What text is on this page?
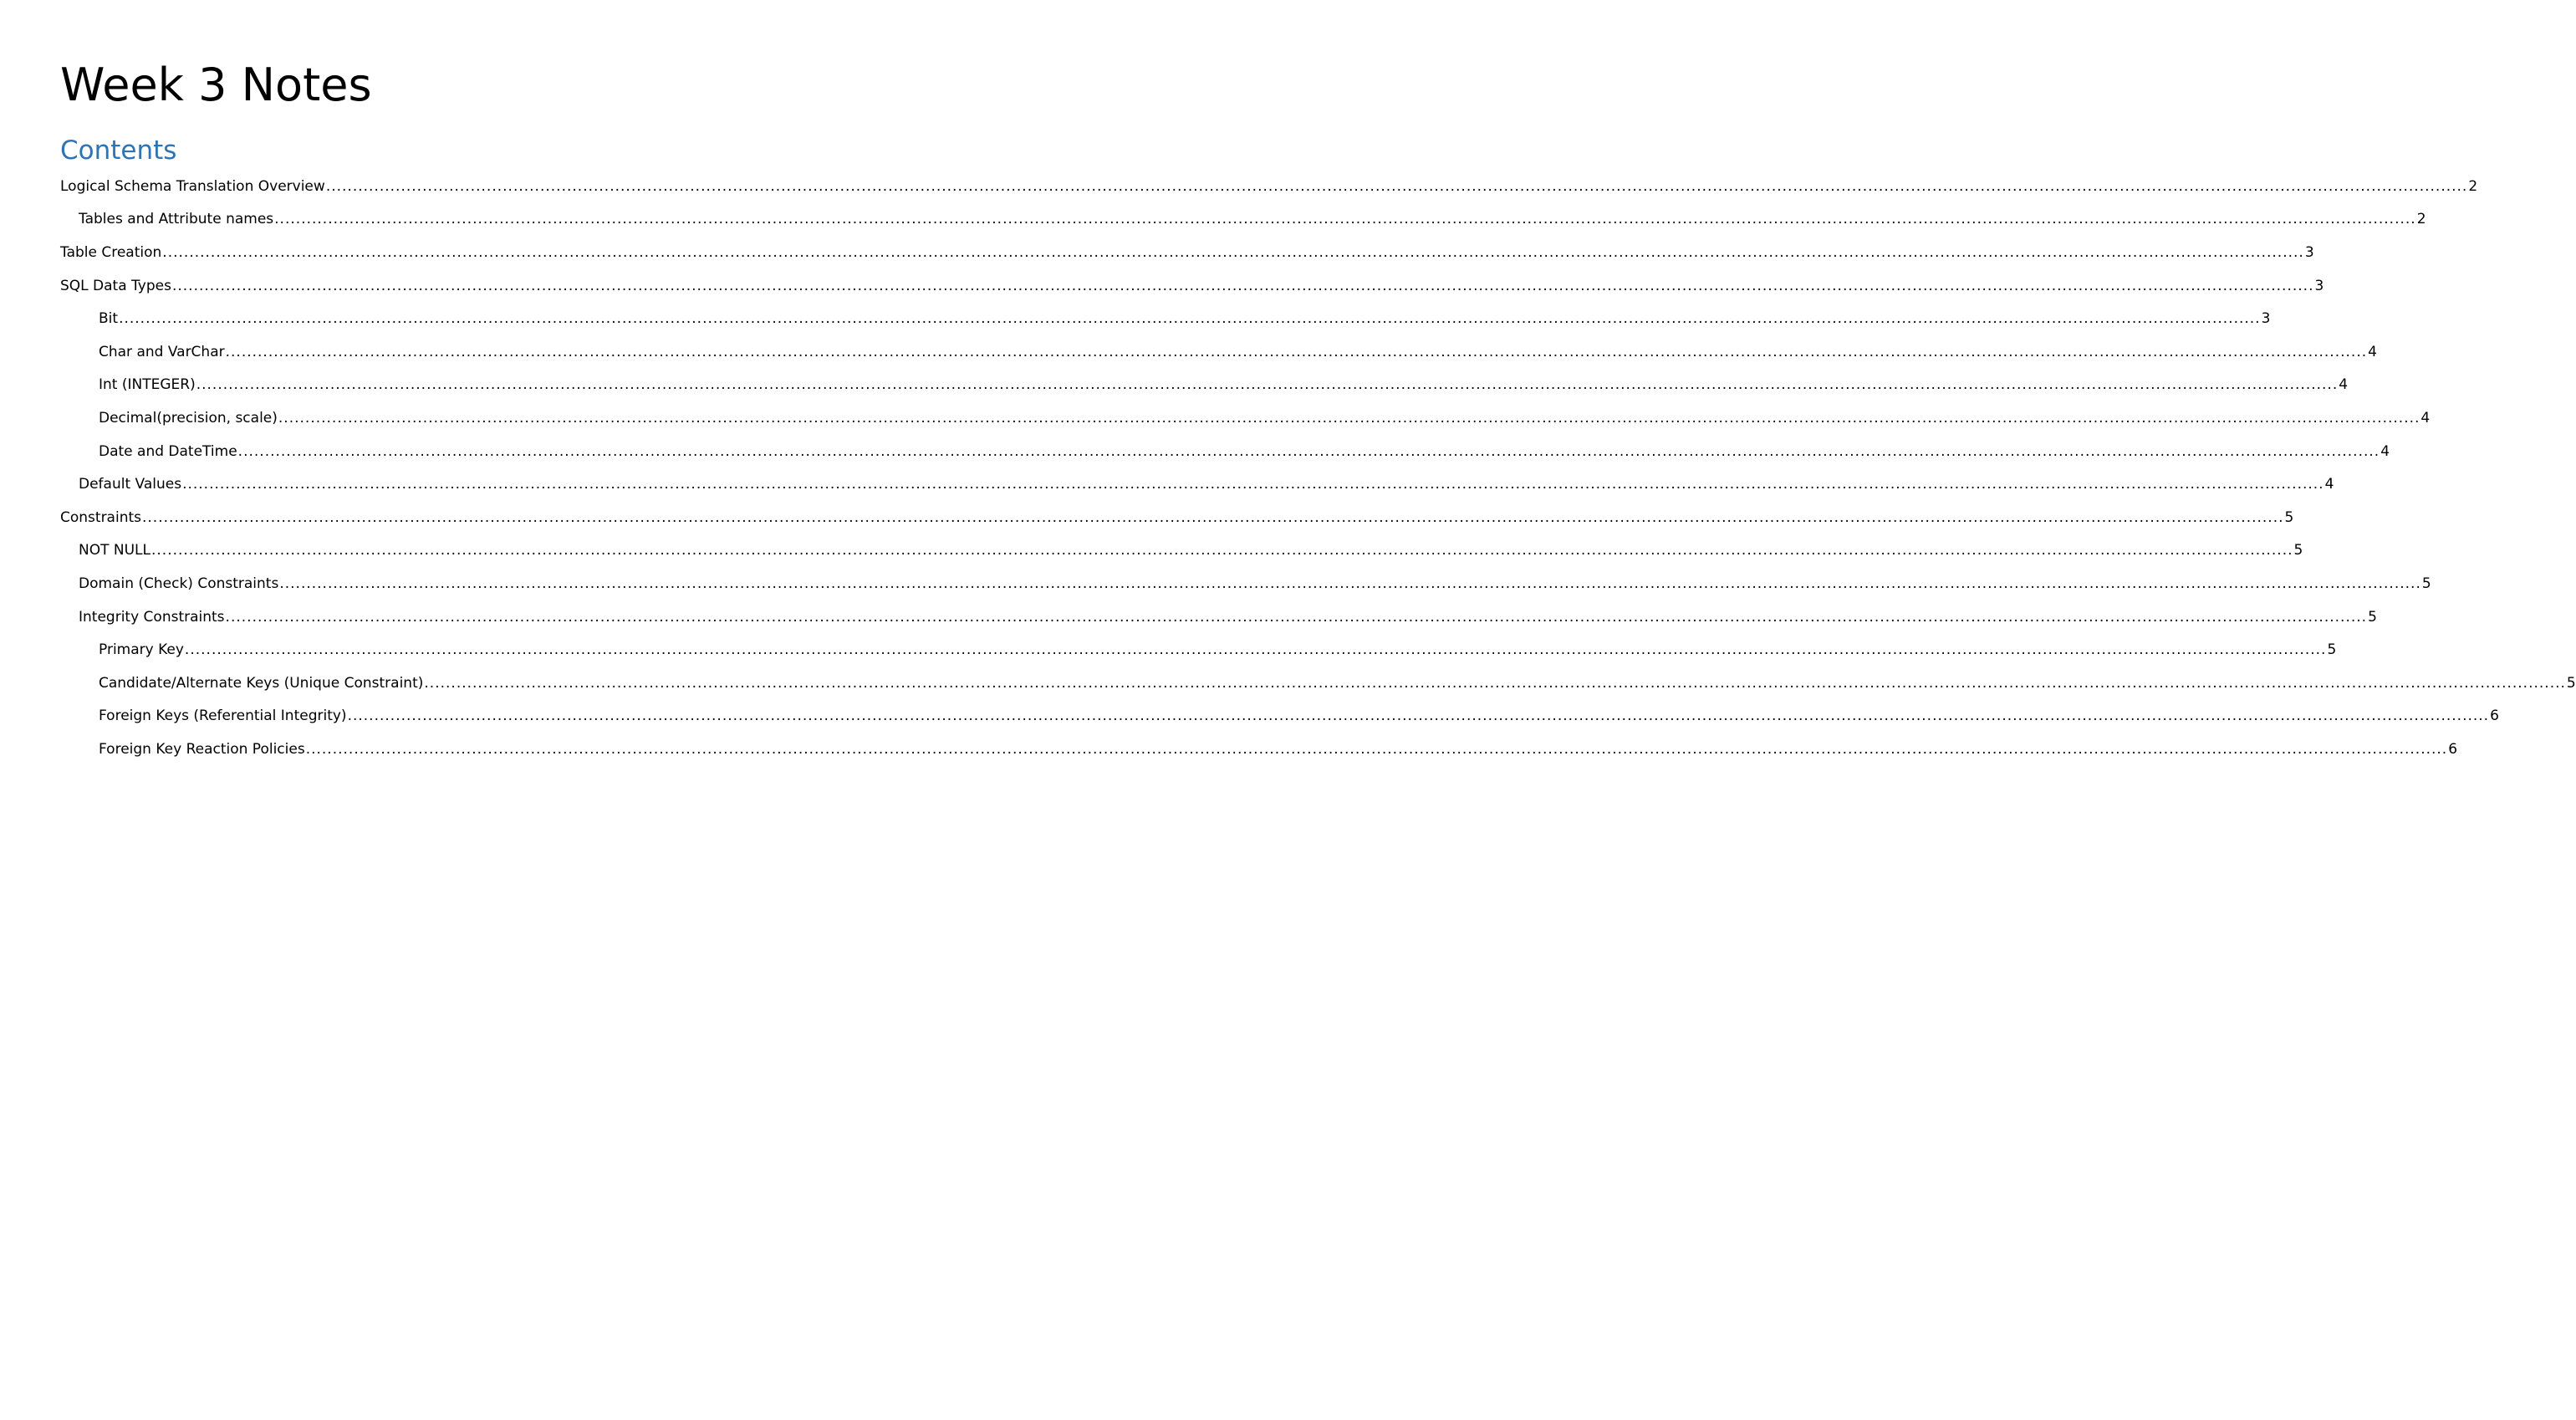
Week 3 Notes
Contents
Logical Schema Translation Overview ................................................................................................................................................................................................................................................................................................................................................................................................................ 2
Tables and Attribute names ................................................................................................................................................................................................................................................................................................................................................................................................................ 2
Table Creation ................................................................................................................................................................................................................................................................................................................................................................................................................ 3
SQL Data Types ................................................................................................................................................................................................................................................................................................................................................................................................................ 3
Bit ................................................................................................................................................................................................................................................................................................................................................................................................................ 3
Char and VarChar ................................................................................................................................................................................................................................................................................................................................................................................................................ 4
Int (INTEGER) ................................................................................................................................................................................................................................................................................................................................................................................................................ 4
Decimal(precision, scale) ................................................................................................................................................................................................................................................................................................................................................................................................................ 4
Date and DateTime ................................................................................................................................................................................................................................................................................................................................................................................................................ 4
Default Values ................................................................................................................................................................................................................................................................................................................................................................................................................ 4
Constraints ................................................................................................................................................................................................................................................................................................................................................................................................................ 5
NOT NULL ................................................................................................................................................................................................................................................................................................................................................................................................................ 5
Domain (Check) Constraints ................................................................................................................................................................................................................................................................................................................................................................................................................ 5
Integrity Constraints ................................................................................................................................................................................................................................................................................................................................................................................................................ 5
Primary Key ................................................................................................................................................................................................................................................................................................................................................................................................................ 5
Candidate/Alternate Keys (Unique Constraint) ................................................................................................................................................................................................................................................................................................................................................................................................................ 5
Foreign Keys (Referential Integrity) ................................................................................................................................................................................................................................................................................................................................................................................................................ 6
Foreign Key Reaction Policies ................................................................................................................................................................................................................................................................................................................................................................................................................ 6
